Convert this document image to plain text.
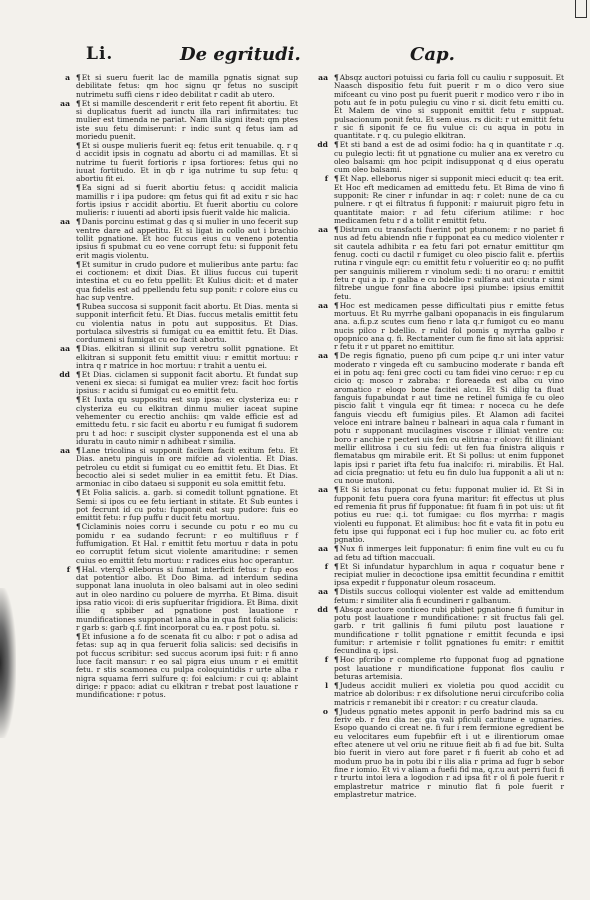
Li.	De egritudi.	Cap.
a ¶Et si sueru fuerit lac de mamilla pgnatis signat sup debilitate fetus: qm hoc signu qr fetus no suscipit nutrimetu suffi ciens r ideo debilitat r cadit ab utero.
aa ¶Et si mamille descenderit r erit feto repent fit abortiu. Et si duplicatus fuerit ad iunctu illa rari infirmitates: tuc mulier est timenda ne pariat. Nam illa signi iteat: qm ptes iste suu fetu dimiserunt: r indic sunt q fetus iam ad moriedu puenit.
¶Et si ouspe mulieris fuerit eq: fetus erit tenuabile. q. r q d accidit ipsis in cognatu ad abortu ci ad mamillas. Et si nutrime tu fuerit fortioris r ipsa fortiores: fetus qui no iuuat fortitudo. Et in qb r iga nutrime tu sup fetu: q abortiu fit ei.
¶Ea signi ad si fuerit abortiu fetus: q accidit malicia mamillis r i ipa pudore: qm fetus qui fit ad exitu r sic hac fortis ipsius r accidit abortiu. Et fuerit abortiu cu colore mulieris: r iuuenti ad aborti ipsis fuerit valde hic malicia.
aa ¶Danis porcinu estimat g das q si mulier in uno fecerit sup ventre dare ad appetitu. Et si ligat in collo aut i brachio tollit pgnatione. Et hoc fuccus eius cu veneno potentia ipsius fi spubmat cu eo vene corrupt fetu: si fupponit fetu erit magis violentu.
¶Et sumitur in crudo pudore et mulieribus ante partu: fac ei coctionem: et dixit Dias. Et illius fuccus cui tuperit intestina et cu eo fetu ppellit: Et Kulius dicit: et d mater qua fidelis est ad ppellendu fetu sup ponit: r colore eius cu hac sup ventre.
¶Rubea succosa si supponit facit abortu. Et Dias. menta si supponit interficit fetu. Et Dias. fuccus metalis emittit fetu cu violentia natus in potu aut suppositus. Et Dias. portulaca silvestris si fumigat cu ea emittit fetu. Et Dias. cordumeni si fumigat cu eo facit abortu.
aa ¶Dias. elkitran si illinit sup veretru sollit pgnatione. Et elkitran si supponit fetu emittit viuu: r emittit mortuu: r intra q r matrice in hoc mortuu: r trahit a uentu ei.
dd ¶Et Dias. ciclamen si supponit facit abortu. Et fundat sup veneni ex sieca: si fumigat ea mulier vrez: facit hoc fortis ipsius: r acidu si fumigat cu eo emittit fetu.
¶Et Iuxta qu suppositu est sup ipsa: ex clysteriza eu: r clysteriza eu cu elkitran dinmu mulier iaceat supine vehementer cu erectio anchiis: qm valde efficie est ad emittedu fetu. r sic facit eu abortu r eu fumigat fi sudorem pru t ad hoc: r suscipit clyster supponenda est el una ab iduratu in cauto nimir n adhibeat r similia.
aa ¶Lane tricolina si supponit facilem facit exitum fetu. Et Dias. anetu pinguis in ore mifcie ad violentia. Et Dias. petroleu cu etdit si fumigat cu eo emittit fetu. Et Dias. Et becoctio alei si sedet mulier in ea emittit fetu. Et Dias. armoniac in cibo dataeu si supponit eu sola emittit fetu.
¶Et Folia salicis. a. garb. si comedit tollunt pgnatione. Et Semi: si ipos cu ee fetu iertiant in stitate. Et Sub euntes i pot fecrunt id cu potu: fupponit eat sup pudore: fuis eo emittit fetu: r fup puffu r ducit fetu mortuu.
¶Ciclaminis noies corru i secunde cu potu r eo mu cu pomidu r ea sudando fecrunt: r eo multifluus r f fuffumigation. Et Hal. r emittit fetu mortuu r data in potu eo corruptit fetum sicut violente amaritudine: r semen cuius eo emittit fetu mortuu: r radices eius hoc operantur.
f ¶Hal. vterq3 elleborus si fumat interficit fetus: r fup eos dat potentior albo. Et Doo Bima. ad interdum sedina supponat lana inuoluta in oleo balsami aut in oleo sedini aut in oleo nardino cu poluere de myrrha. Et Bima. disuit ipsa ratio vicoi: di eris supfueritar frigidiora. Et Bima. dixit illie q spbiber ad pgnatione post lauatione r mundificationes supponat lana alba in qua fint folia salicis: r garb s: garb q.f. fint incorporat cu ea. r post potu. si.
¶Et infusione a fo de scenata fit cu albo: r pot o adisa ad fetas: sup aq in qua feruerit folia salicis: sed decisifis in pot fuccus scribitur: sed succus acorum ipsi fuit: r fi anno luce facit mansur: r eo sal pigra eius unum r ei emittit fetu. r stis scamonea cu pulpa coloquintidis r urte alba r nigra squama ferri sulfure q: foi ealcium: r cui q: ablaint dirige: r ppaco: adiat cu elkitran r trebat post lauatione r mundificatione: r potus.
aa ¶Absqz auctori potuissi cu faria foll cu cauliu r supposuit. Et Naasch dispositio fetu fuit puerit r m o dico vero siue mifceant cu vino post pu fuerit puerit r modico vero r ibo in potu aut fe in potu pulegiu cu vino r si. dicit fetu emitti cu. Et Malem de vino si supponit emittit fetu r suppuat. pulsacionum ponit fetu. Et sem eius. rs dicit: r ut emittit fetu r sic fi siponit fe ce fiu vulue ci: cu aqua in potu in quantitate. r q. cu pulegio elkitran.
dd ¶Et sti band a est de ad osimi fodio: ha q in quantitate r .q. cu pulegio lecti: fit ut pgnatione cu mulier ana ex veretro cu oleo balsami: qm hoc pcipit indisupponat q d eius operatu cum oleo balsami.
f ¶Et Nap. elleborus niger si supponit mieci educit q: tea erit. Et Hoc eft medicamen ad emittedu fetu. Et Bima de vino fi supponit: Re ciner r infundar in aq: r colet: nune de ca cu pulnere. r qt ei filtratus fi fupponit: r maiuruit pigro fetu in quantitate maior: r ad fetu ciferium atilime: r hoc medicamen fetu r d a tollit r emittit fetu.
aa ¶Distrum cu transfacti fuerint pot ptunonem: r no pariet fi nus ad fetu abiendn nfie r fupponat ea cu medico violenter r sit cautela adhibita r ea fetu fari pot ernatur emittitur qm fenug. cocti cu dactil r fumiget cu oleo piscio falit e. pfertiis rutina r vingule eqr: cu emittit fetu r volueritir eo q: no puffit per sanguinis milierem r vinolum sedi: ti no oraru: r emittit fetu r qui a ip. r galba e cu bdellio r sulfara aut cicuta r simi filtrebe ungue fonr fina abocre ipsi piumbe: ipsius emittit fetu.
aa ¶Hoc est medicamen pesse difficultati pius r emitte fetus mortuus. Et Ru myrrhe galbani opopanacis in eis fingularum ana. a.fi.p.z scutes cum fieno r lata q.r fumigot cu eo manu nucis pilco r bdellio. r rulid fol pomis q myrrha galbo r opopnico ana q. fi. Rectamenter cum fie fimo sit lata apprisi: r fetu it r ut pparet no emittitur.
aa ¶De regis fignatio, pueno pfi cum pcipe q.r uni inter vatur moderato r vingeda eft cu sambucino moderate r banda eft ei in potu aq: feni grec cocti cu tam fidei vino ceruo: r ep cu cicio q: mosco r zabraba: r floreaeda est alba cu vino aromatico r eloqo bone facitei alcu. Et Si dilig ta fluat fanguis fupabundat r aut time ne retinel fumiga fe cu oleo piscio falit t vingula eqr fit timea: r noceca cu he defe fanguis viecdu eft fumigius piles. Et Alamon adi facitei veloce eni intrare balneu r balneari in aqua cala r fumant in potu r supponant mucilagines viscose r illiniat ventre cu: boro r anchie r pecteri uis fen cu elitrina: r olcov: fit illiniant mellir ellitrosa i cu siu fedi: ut fen fua finistra aliquis r flematabus qm mirabile erit. Et Si pollus: ut enim fupponet lapis ipsi r pariet ifta fetu fua inalcifo: ri. mirabilis. Et Hal. ad cicia pregnatio: ut fetu eu fin dulo lua fupponit a ali ut n: cu noue mutoni.
aa ¶Et Si ictas fupponat cu fetu: fupponat mulier id. Et Si in fupponit fetu puera cora fyuna maritur: fit effectus ut plus ed remenia fit prus fif fupponatue: fit fuam fi in pot uis: ut fit potius eu rue: q.i. tot fumigae: cu flos myrrha: r magis violenti eu fupponat. Et alimibus: hoc fit e vata fit in potu eu fetu ipse qui fupponat eci i fup hoc mulier cu. ac foto erit pgnatio.
aa ¶Nux fi inmerges leit fupponatur: fi enim fine vult eu cu fu ad fetu ad tiftion maccuali.
f ¶Et Si infundatur hyparchlum in aqua r coquatur bene r recipiat mulier in decoctione ipsa emittit fecundina r emittit ipsa expedit r fupponatur oleum rosaceum.
aa ¶Distils succus colloqui violenter est valde ad emittendum fetum: r similiter alia fi ecundineri r galbanum.
dd ¶Absqz auctore conticeo rubi pbibet pgnatione fi fumitur in potu post lauatione r mundificatione: r sit fructus fali gel. garb. r trit gallinis fi fumi pilutu post lauatione r mundificatione r tollit pgnatione r emittit fecunda e ipsi fumitur: r artemisie r tollit pgnationes fu emitr: r emittit fecundina q. ipsi.
f ¶Hoc pfcribo r compleme rto fupponat fuog ad pgnatione post lauatione r mundificatione fupponat flos cauliu r beturas artemisia.
l ¶Judeus accidit mulieri ex violetia pou quod accidit cu matrice ab doloribus: r ex difsolutione nerui circufcribo colia matricis r remanebit ibi r creator: r cu creatur clauda.
o ¶Judeus pgnatio metes apponit in perfo badrind mis sa cu feriv eb. r feu dia ne: gia vali pficuli caritune e ugnaries. Esopo quando ci creat ne. fi fur i rem fermione egredient be eu velocitares eum fupebfiir eft i ut e ilirentiorum omae eftec atenere ut vel oriu ne rituue fieit ab fi ad fue bit. Sulta bio fuerit in viero aut fore paret r fi fuerit ab coho et ad modum pruo ba in potu ibi r ilis alia r prima ad fugr b sebor fine r iomio. Et vi v aliam a fuefii fid ma, q.r.u aut perri fuci fi r trurtu intoi lera a logodion r ad ipsa fit r ol fi pole fuerit r emplastretur matrice r minutio flat fi pole fuerit r emplastretur matrice.
